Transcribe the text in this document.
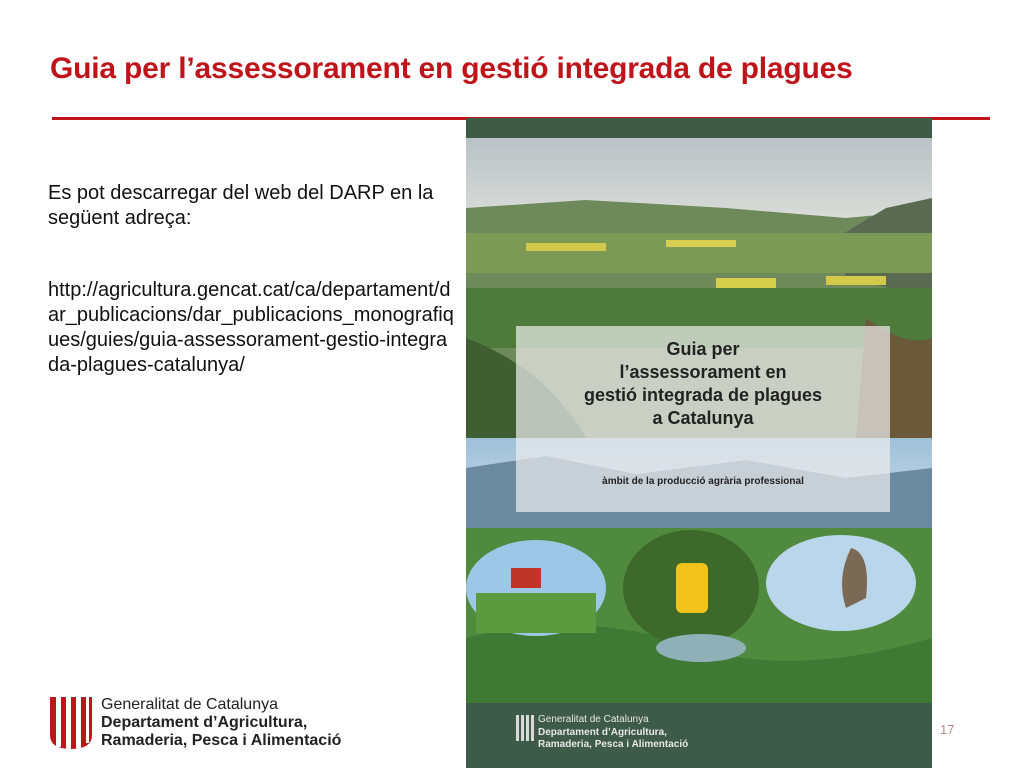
Guia per l’assessorament en gestió integrada de plagues
Es pot descarregar del web del DARP en la següent adreça:
http://agricultura.gencat.cat/ca/departament/dar_publicacions/dar_publicacions_monografiques/guies/guia-assessorament-gestio-integrada-plagues-catalunya/
Guia per
l’assessorament en
gestió integrada de plagues
a Catalunya
àmbit de la producció agrària professional
Generalitat de Catalunya
Departament d’Agricultura,
Ramaderia, Pesca i Alimentació
Generalitat de Catalunya
Departament d’Agricultura,
Ramaderia, Pesca i Alimentació
17
